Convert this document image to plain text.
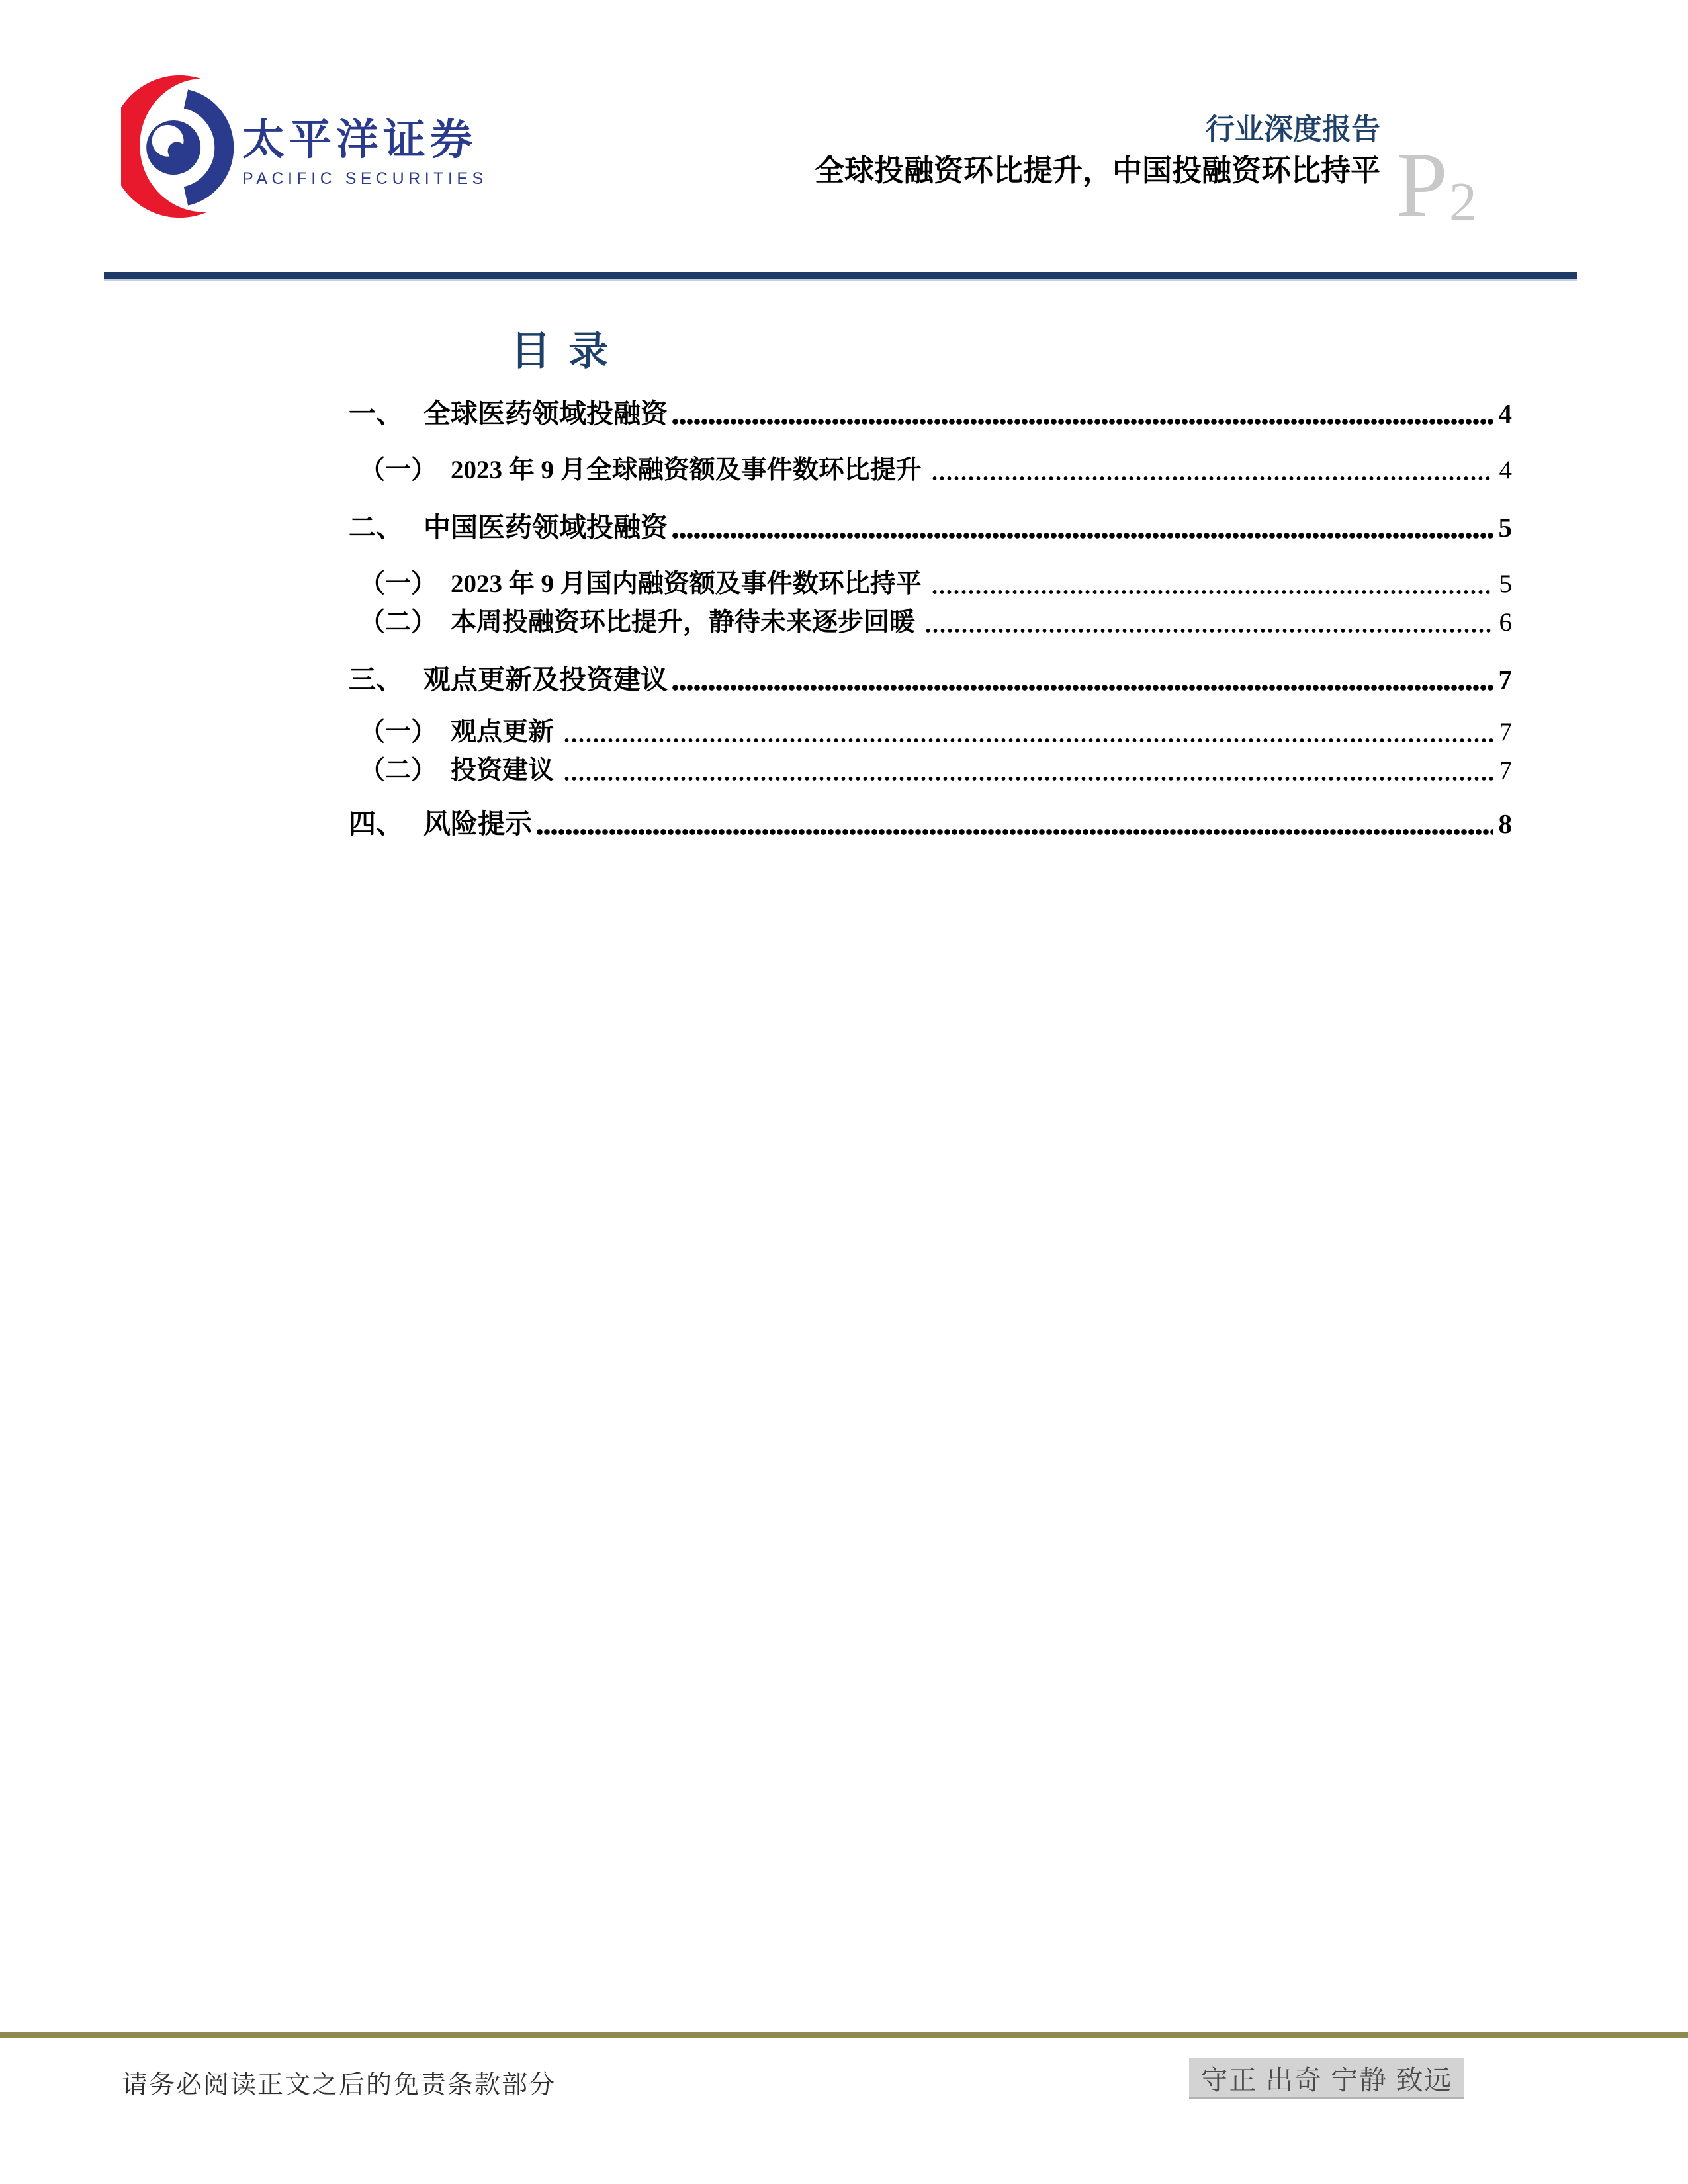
太平洋证券
PACIFIC SECURITIES
行业深度报告
全球投融资环比提升，中国投融资环比持平 P 2
目 录
一、 全球医药领域投融资	4
（一） 2023 年 9 月全球融资额及事件数环比提升	4
二、 中国医药领域投融资	5
（一） 2023 年 9 月国内融资额及事件数环比持平	5
（二） 本周投融资环比提升，静待未来逐步回暖	6
三、 观点更新及投资建议	7
（一） 观点更新	7
（二） 投资建议	7
四、 风险提示	8
请务必阅读正文之后的免责条款部分	守正 出奇 宁静 致远
